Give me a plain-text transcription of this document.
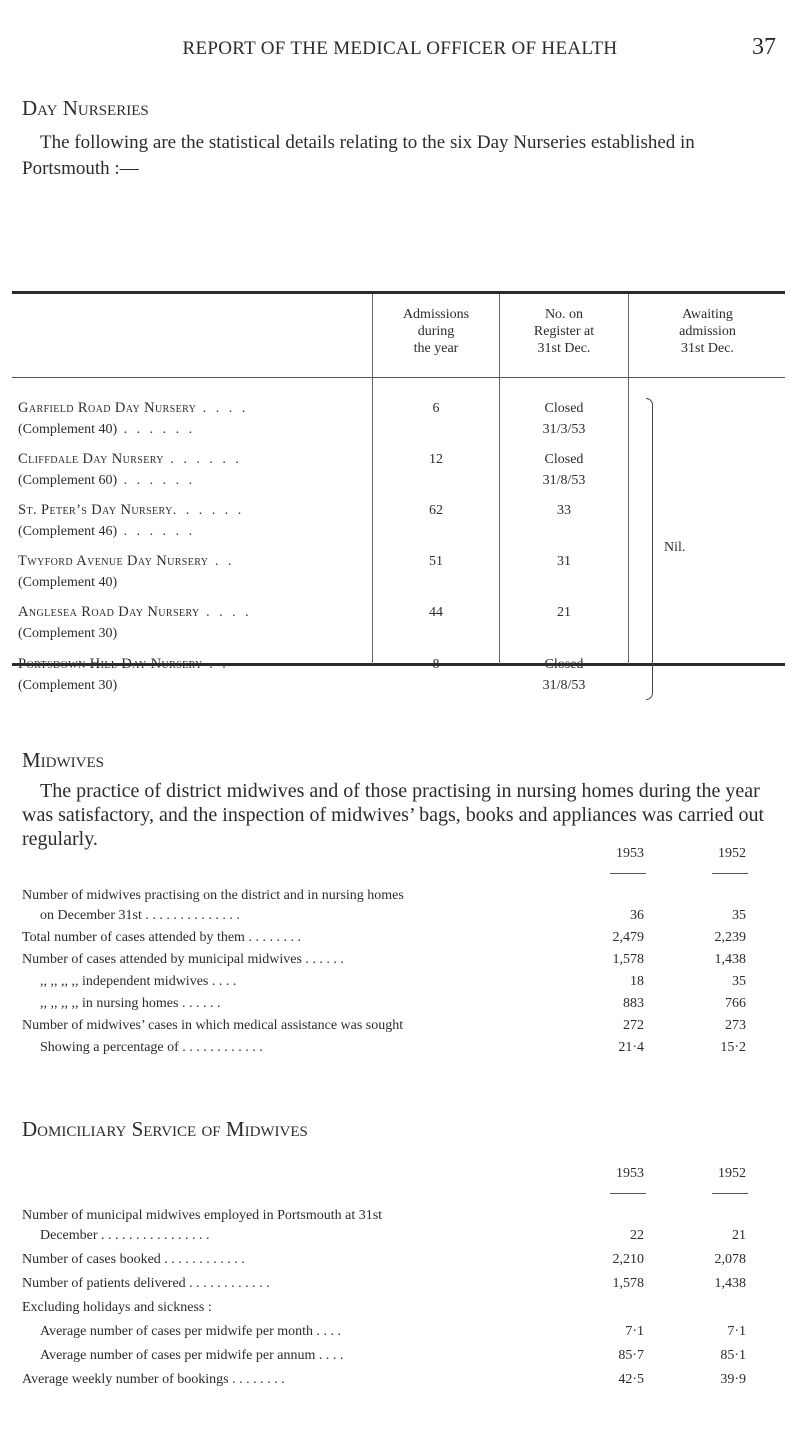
REPORT OF THE MEDICAL OFFICER OF HEALTH	37
Day Nurseries

The following are the statistical details relating to the six Day Nurseries established in Portsmouth :—

Admissions
during
the year
No. on
Register at
31st Dec.
Awaiting
admission
31st Dec.
Garfield Road Day Nursery . . . .
(Complement 40) . . . . . .
6	Closed
31/3/53
Cliffdale Day Nursery . . . . . .
(Complement 60) . . . . . .
12	Closed
31/8/53
St. Peter’s Day Nursery. . . . . .
(Complement 46) . . . . . .
62	33
Twyford Avenue Day Nursery . .
(Complement 40)
51	31
Anglesea Road Day Nursery . . . .
(Complement 30)
44	21
Portsdown Hill Day Nursery . .
(Complement 30)
8	Closed
31/8/53
Nil.
Midwives

The practice of district midwives and of those practising in nursing homes during the year was satisfactory, and the inspection of midwives’ bags, books and appliances was carried out regularly.

1953	1952
Number of midwives practising on the district and in nursing homes
on December 31st . . . . . . . . . . . . . .	36	35
Total number of cases attended by them . . . . . . . .	2,479	2,239
Number of cases attended by municipal midwives . . . . . .	1,578	1,438
,, ,, ,, ,, independent midwives . . . .	18	35
,, ,, ,, ,, in nursing homes . . . . . .	883	766
Number of midwives’ cases in which medical assistance was sought	272	273
Showing a percentage of . . . . . . . . . . . .	21·4	15·2
Domiciliary Service of Midwives
1953	1952
Number of municipal midwives employed in Portsmouth at 31st
December . . . . . . . . . . . . . . . .	22	21
Number of cases booked . . . . . . . . . . . .	2,210	2,078
Number of patients delivered . . . . . . . . . . . .	1,578	1,438
Excluding holidays and sickness :
Average number of cases per midwife per month . . . .	7·1	7·1
Average number of cases per midwife per annum . . . .	85·7	85·1
Average weekly number of bookings . . . . . . . .	42·5	39·9
